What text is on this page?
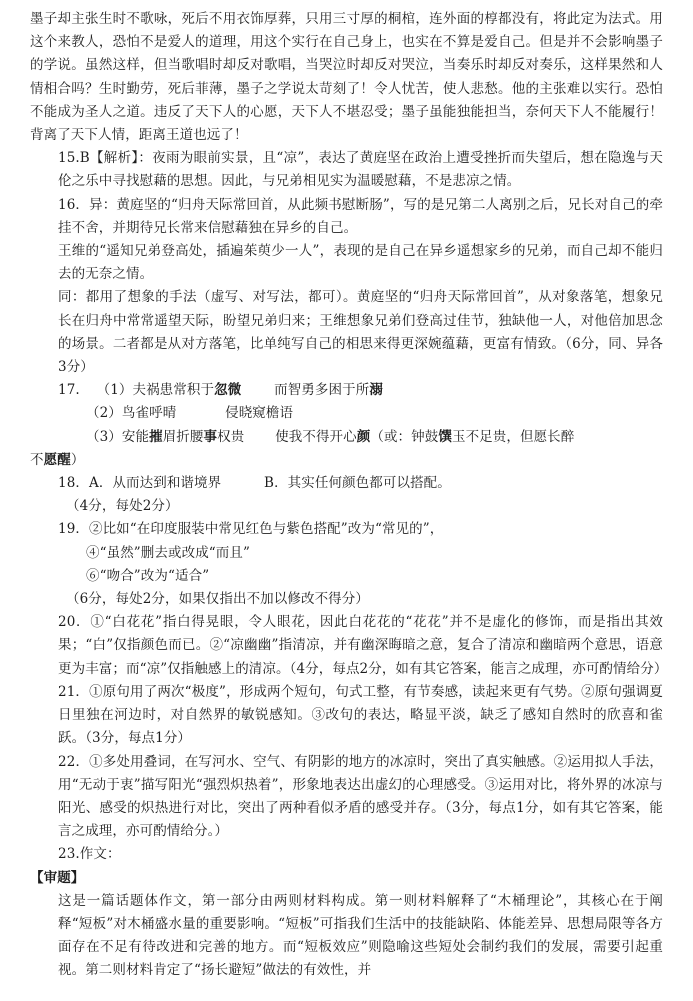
墨子却主张生时不歌咏，死后不用衣饰厚葬，只用三寸厚的桐棺，连外面的椁都没有，将此定为法式。用这个来教人，恐怕不是爱人的道理，用这个实行在自己身上，也实在不算是爱自己。但是并不会影响墨子的学说。虽然这样，但当歌唱时却反对歌唱，当哭泣时却反对哭泣，当奏乐时却反对奏乐，这样果然和人情相合吗？生时勤劳，死后菲薄，墨子之学说太苛刻了！令人忧苦，使人悲愁。他的主张难以实行。恐怕不能成为圣人之道。违反了天下人的心愿，天下人不堪忍受；墨子虽能独能担当，奈何天下人不能履行！背离了天下人情，距离王道也远了！

15.B【解析】：夜雨为眼前实景，且“凉”，表达了黄庭坚在政治上遭受挫折而失望后，想在隐逸与天伦之乐中寻找慰藉的思想。因此，与兄弟相见实为温暖慰藉，不是悲凉之情。

16．异：黄庭坚的“归舟天际常回首，从此频书慰断肠”，写的是兄第二人离别之后，兄长对自己的牵挂不舍，并期待兄长常来信慰藉独在异乡的自己。

王维的“遥知兄弟登高处，插遍茱萸少一人”，表现的是自己在异乡遥想家乡的兄弟，而自己却不能归去的无奈之情。

同：都用了想象的手法（虚写、对写法，都可）。黄庭坚的“归舟天际常回首”，从对象落笔，想象兄长在归舟中常常遥望天际，盼望兄弟归来；王维想象兄弟们登高过佳节，独缺他一人，对他倍加思念的场景。二者都是从对方落笔，比单纯写自己的相思来得更深婉蕴藉，更富有情致。（6分，同、异各3分）

17. （1）夫祸患常积于忽微 而智勇多困于所溺

（2）鸟雀呼晴	侵晓窥檐语

（3）安能摧眉折腰事权贵 使我不得开心颜（或：钟鼓馔玉不足贵，但愿长醉

不愿醒）

18．A．从而达到和谐境界	B．其实任何颜色都可以搭配。

（4分，每处2分）

19．②比如“在印度服装中常见红色与紫色搭配”改为“常见的”，

④“虽然”删去或改成“而且”

⑥“吻合”改为“适合”

（6分，每处2分，如果仅指出不加以修改不得分）

20．①“白花花”指白得晃眼，令人眼花，因此白花花的“花花”并不是虚化的修饰，而是指出其效果；“白”仅指颜色而已。②“凉幽幽”指清凉，并有幽深晦暗之意，复合了清凉和幽暗两个意思，语意更为丰富；而“凉”仅指触感上的清凉。（4分，每点2分，如有其它答案，能言之成理，亦可酌情给分）

21．①原句用了两次“极度”，形成两个短句，句式工整，有节奏感，读起来更有气势。②原句强调夏日里独在河边时，对自然界的敏锐感知。③改句的表达，略显平淡，缺乏了感知自然时的欣喜和雀跃。（3分，每点1分）

22．①多处用叠词，在写河水、空气、有阴影的地方的冰凉时，突出了真实触感。②运用拟人手法，用“无动于衷”描写阳光“强烈炽热着”，形象地表达出虚幻的心理感受。③运用对比，将外界的冰凉与阳光、感受的炽热进行对比，突出了两种看似矛盾的感受并存。（3分，每点1分，如有其它答案，能言之成理，亦可酌情给分。）

23.作文：

【审题】

这是一篇话题体作文，第一部分由两则材料构成。第一则材料解释了“木桶理论”，其核心在于阐释“短板”对木桶盛水量的重要影响。“短板”可指我们生活中的技能缺陷、体能差异、思想局限等各方面存在不足有待改进和完善的地方。而“短板效应”则隐喻这些短处会制约我们的发展，需要引起重视。第二则材料肯定了“扬长避短”做法的有效性，并
